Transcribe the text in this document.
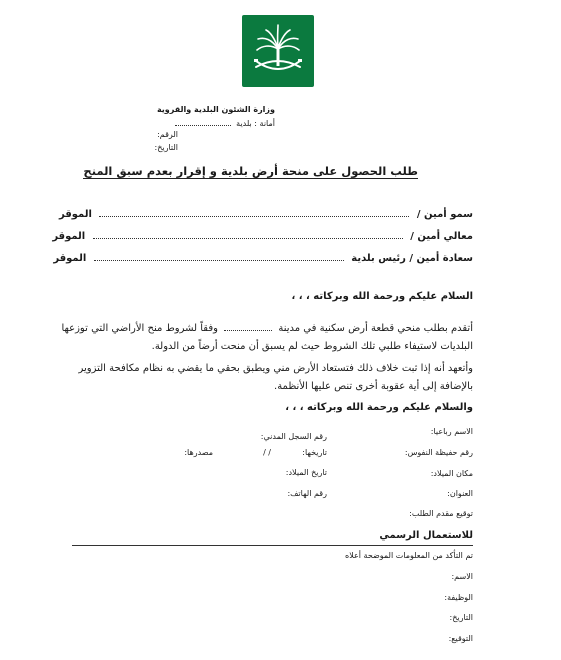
وزارة الشئون البلدية والقروية
أمانة : بلدية
الرقم:
التاريخ:
طلب الحصول على منحة أرض بلدية و إقرار بعدم سبق المنح
سمو أمين /  الموقر
معالي أمين /  الموقر
سعادة أمين / رئيس بلدية  الموقر
السلام عليكم ورحمة الله وبركاته ، ، ،
أتقدم بطلب منحي قطعة أرض سكنية في مدينة  وفقاً لشروط منح الأراضي التي توزعها
البلديات لاستيفاء طلبي تلك الشروط حيث لم يسبق أن منحت أرضاً من الدولة.
وأتعهد أنه إذا ثبت خلاف ذلك فتستعاد الأرض مني ويطبق بحقي ما يقضي به نظام مكافحة التزوير
بالإضافة إلى أية عقوبة أخرى تنص عليها الأنظمة.
والسلام عليكم ورحمة الله وبركاته ، ، ،
الاسم رباعيا:
رقم السجل المدني:
رقم حفيظة النفوس:
تاريخها:
/ /
مصدرها:
مكان الميلاد:
تاريخ الميلاد:
العنوان:
رقم الهاتف:
توقيع مقدم الطلب:
للاستعمال الرسمي
تم التأكد من المعلومات الموضحة أعلاه
الاسم:
الوظيفة:
التاريخ:
التوقيع:
